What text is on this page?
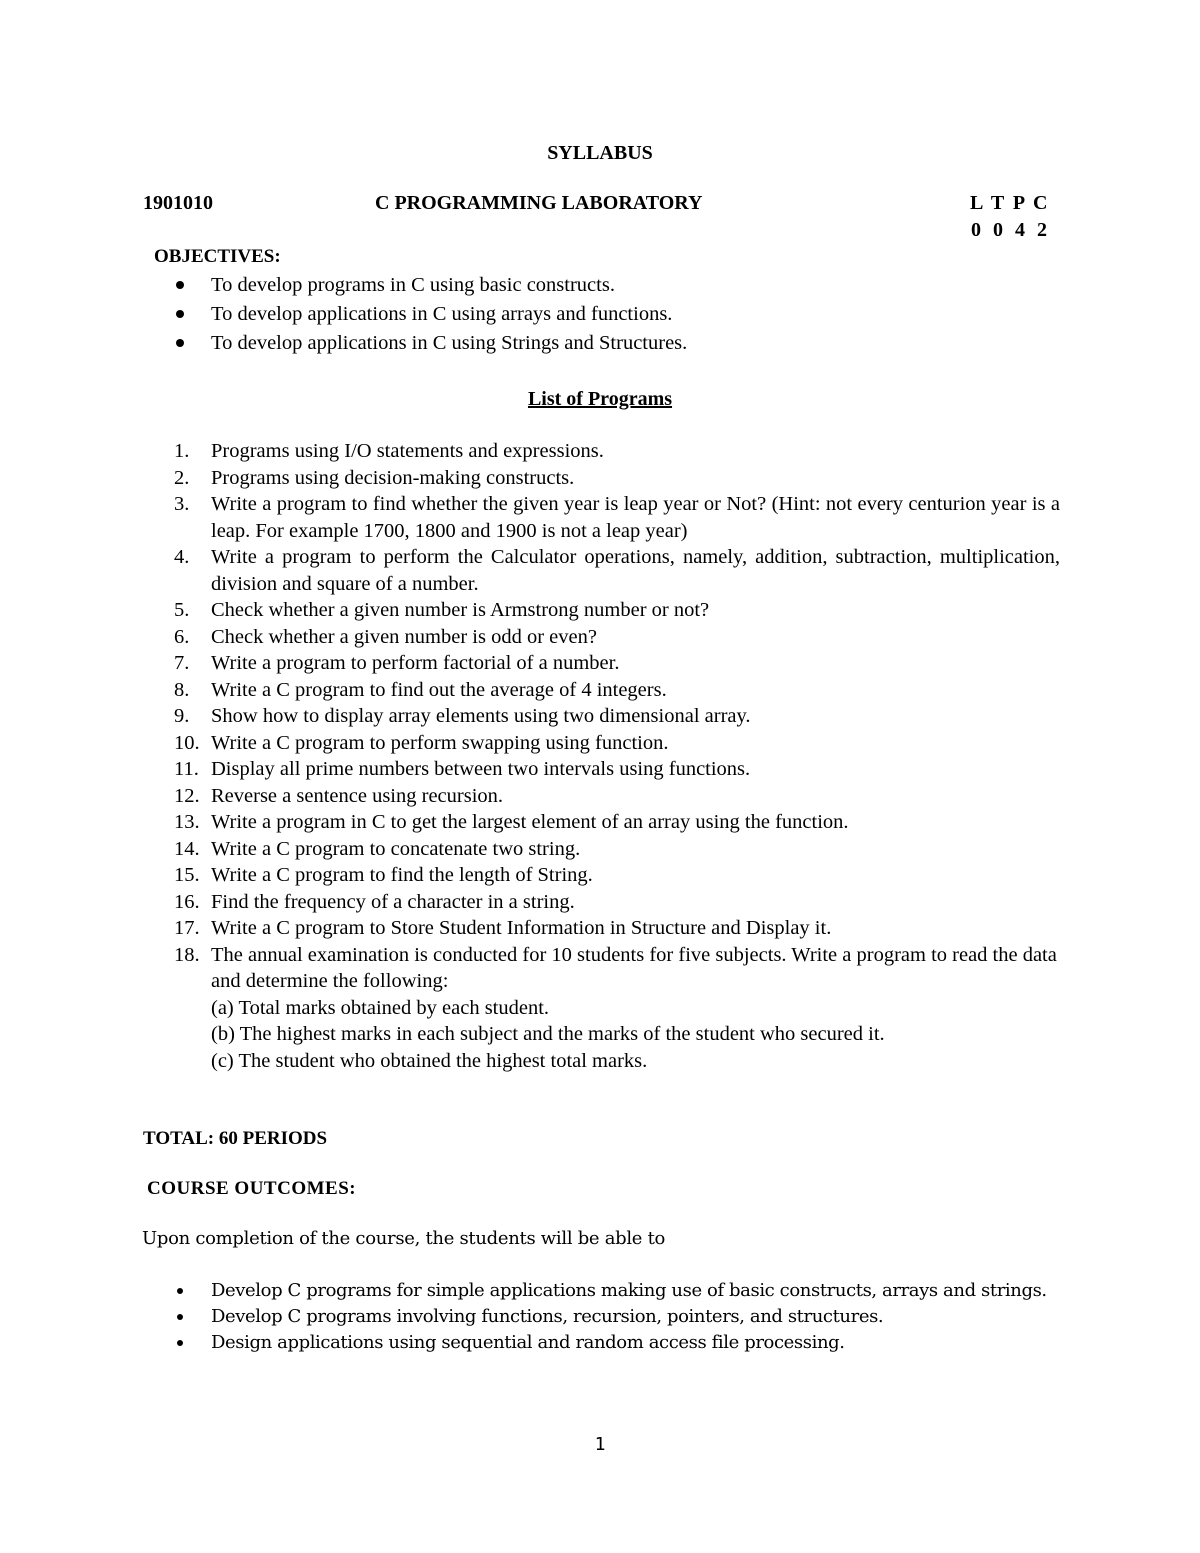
SYLLABUS
1901010	C PROGRAMMING LABORATORY	L T P C
0 0 4 2
OBJECTIVES:
To develop programs in C using basic constructs.
To develop applications in C using arrays and functions.
To develop applications in C using Strings and Structures.
List of Programs
1. Programs using I/O statements and expressions.
2. Programs using decision-making constructs.
3. Write a program to find whether the given year is leap year or Not? (Hint: not every centurion year is a leap. For example 1700, 1800 and 1900 is not a leap year)
4. Write a program to perform the Calculator operations, namely, addition, subtraction, multiplication, division and square of a number.
5. Check whether a given number is Armstrong number or not?
6. Check whether a given number is odd or even?
7. Write a program to perform factorial of a number.
8. Write a C program to find out the average of 4 integers.
9. Show how to display array elements using two dimensional array.
10. Write a C program to perform swapping using function.
11. Display all prime numbers between two intervals using functions.
12. Reverse a sentence using recursion.
13. Write a program in C to get the largest element of an array using the function.
14. Write a C program to concatenate two string.
15. Write a C program to find the length of String.
16. Find the frequency of a character in a string.
17. Write a C program to Store Student Information in Structure and Display it.
18. The annual examination is conducted for 10 students for five subjects. Write a program to read the data and determine the following:
(a) Total marks obtained by each student.
(b) The highest marks in each subject and the marks of the student who secured it.
(c) The student who obtained the highest total marks.
TOTAL: 60 PERIODS
COURSE OUTCOMES:
Upon completion of the course, the students will be able to
Develop C programs for simple applications making use of basic constructs, arrays and strings.
Develop C programs involving functions, recursion, pointers, and structures.
Design applications using sequential and random access file processing.
1
